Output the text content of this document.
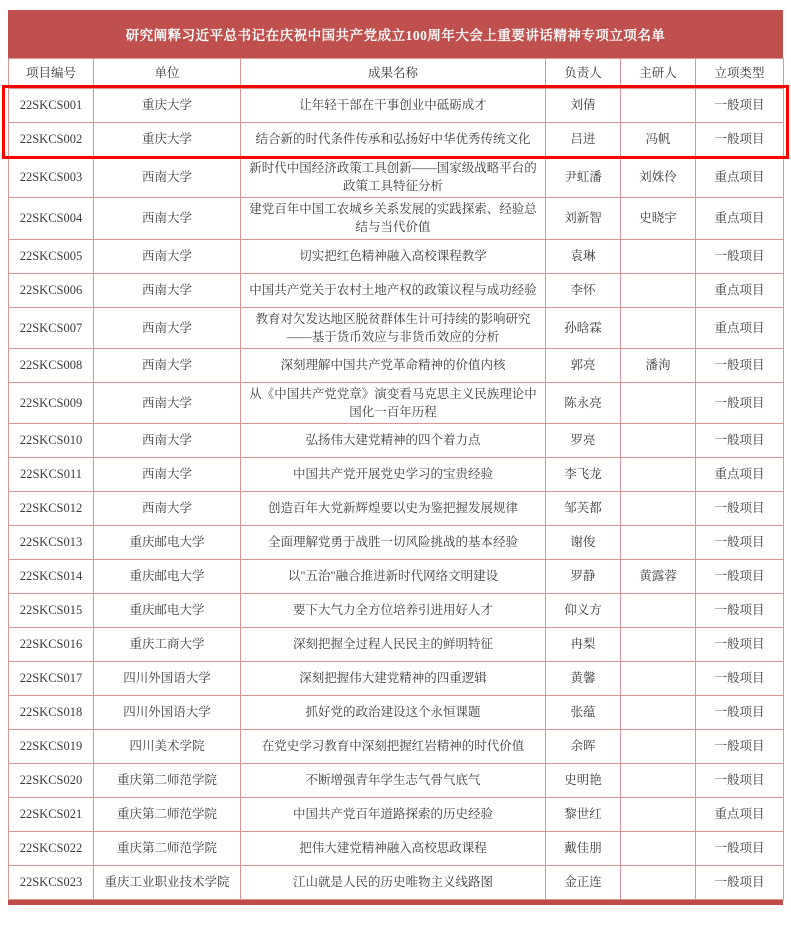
研究阐释习近平总书记在庆祝中国共产党成立100周年大会上重要讲话精神专项立项名单
项目编号	单位	成果名称	负责人	主研人	立项类型
22SKCS001	重庆大学	让年轻干部在干事创业中砥砺成才	刘倩		一般项目
22SKCS002	重庆大学	结合新的时代条件传承和弘扬好中华优秀传统文化	吕进	冯帆	一般项目
22SKCS003	西南大学	新时代中国经济政策工具创新——国家级战略平台的政策工具特征分析	尹虹潘	刘姝伶	重点项目
22SKCS004	西南大学	建党百年中国工农城乡关系发展的实践探索、经验总结与当代价值	刘新智	史晓宇	重点项目
22SKCS005	西南大学	切实把红色精神融入高校课程教学	袁琳		一般项目
22SKCS006	西南大学	中国共产党关于农村土地产权的政策议程与成功经验	李怀		重点项目
22SKCS007	西南大学	教育对欠发达地区脱贫群体生计可持续的影响研究——基于货币效应与非货币效应的分析	孙晗霖		重点项目
22SKCS008	西南大学	深刻理解中国共产党革命精神的价值内核	郭亮	潘洵	一般项目
22SKCS009	西南大学	从《中国共产党党章》演变看马克思主义民族理论中国化一百年历程	陈永亮		一般项目
22SKCS010	西南大学	弘扬伟大建党精神的四个着力点	罗亮		一般项目
22SKCS011	西南大学	中国共产党开展党史学习的宝贵经验	李飞龙		重点项目
22SKCS012	西南大学	创造百年大党新辉煌要以史为鉴把握发展规律	邹芙都		一般项目
22SKCS013	重庆邮电大学	全面理解党勇于战胜一切风险挑战的基本经验	谢俊		一般项目
22SKCS014	重庆邮电大学	以"五治"融合推进新时代网络文明建设	罗静	黄露蓉	一般项目
22SKCS015	重庆邮电大学	要下大气力全方位培养引进用好人才	仰义方		一般项目
22SKCS016	重庆工商大学	深刻把握全过程人民民主的鲜明特征	冉梨		一般项目
22SKCS017	四川外国语大学	深刻把握伟大建党精神的四重逻辑	黄馨		一般项目
22SKCS018	四川外国语大学	抓好党的政治建设这个永恒课题	张蕴		一般项目
22SKCS019	四川美术学院	在党史学习教育中深刻把握红岩精神的时代价值	余晖		一般项目
22SKCS020	重庆第二师范学院	不断增强青年学生志气骨气底气	史明艳		一般项目
22SKCS021	重庆第二师范学院	中国共产党百年道路探索的历史经验	黎世红		重点项目
22SKCS022	重庆第二师范学院	把伟大建党精神融入高校思政课程	戴佳朋		一般项目
22SKCS023	重庆工业职业技术学院	江山就是人民的历史唯物主义线路图	金正连		一般项目
